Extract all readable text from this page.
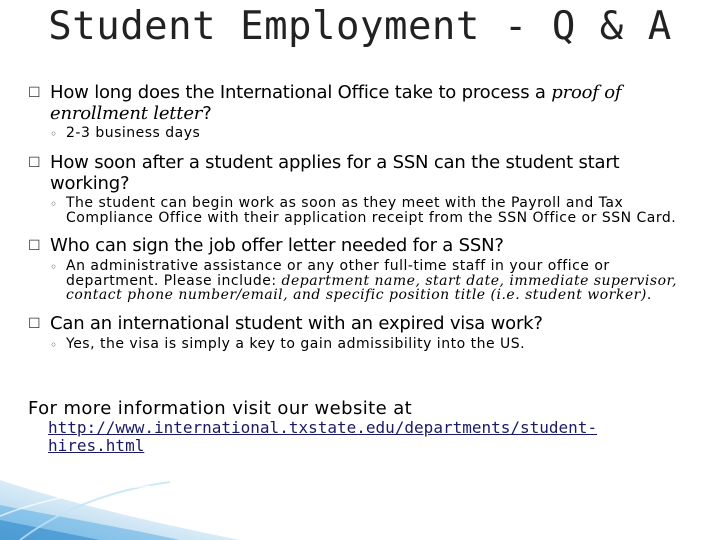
Student Employment - Q & A
☐ How long does the International Office take to process a proof of enrollment letter?
◦ 2-3 business days
☐ How soon after a student applies for a SSN can the student start working?
◦ The student can begin work as soon as they meet with the Payroll and Tax Compliance Office with their application receipt from the SSN Office or SSN Card.
☐ Who can sign the job offer letter needed for a SSN?
◦ An administrative assistance or any other full-time staff in your office or department. Please include: department name, start date, immediate supervisor, contact phone number/email, and specific position title (i.e. student worker).
☐ Can an international student with an expired visa work?
◦ Yes, the visa is simply a key to gain admissibility into the US.
For more information visit our website at
http://www.international.txstate.edu/departments/student-hires.html
